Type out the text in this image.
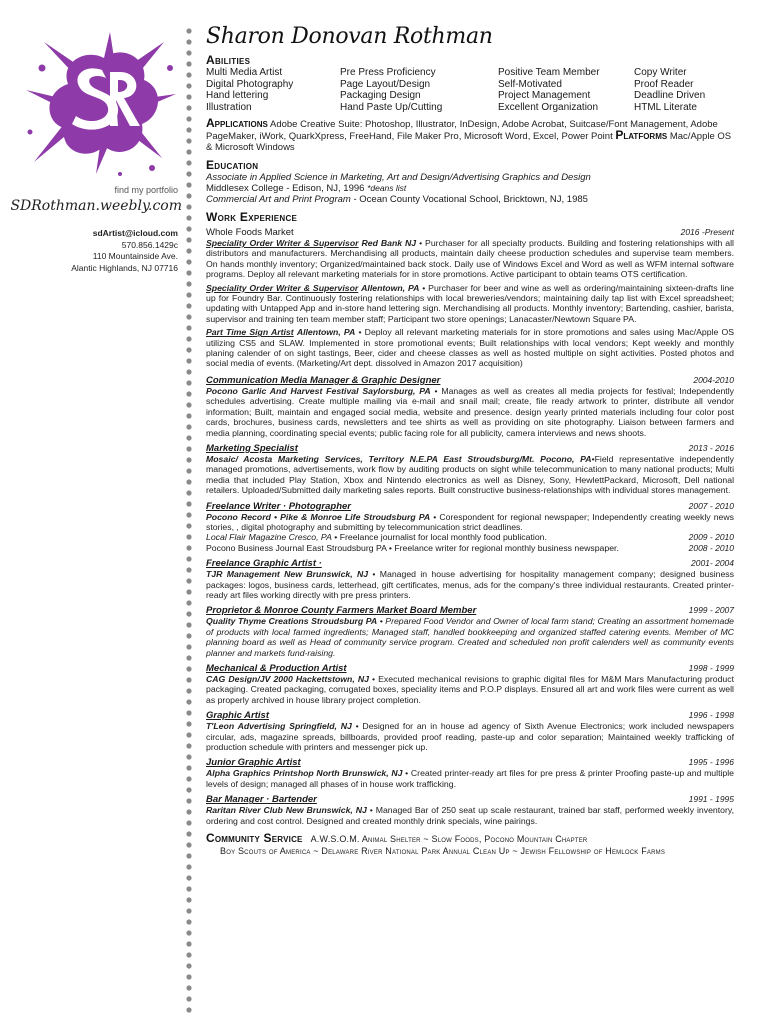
find my portfolio
SDRothman.weebly.com
sdArtist@icloud.com
570.856.1429c
110 Mountainside Ave.
Alantic Highlands, NJ 07716
Sharon Donovan Rothman
Abilities
Multi Media Artist	Pre Press Proficiency	Positive Team Member	Copy Writer
Digital Photography	Page Layout/Design	Self-Motivated	Proof Reader
Hand lettering	Packaging Design	Project Management	Deadline Driven
Illustration	Hand Paste Up/Cutting	Excellent Organization	HTML Literate
Applications Adobe Creative Suite: Photoshop, Illustrator, InDesign, Adobe Acrobat, Suitcase/Font Management, Adobe PageMaker, iWork, QuarkXpress, FreeHand, File Maker Pro, Microsoft Word, Excel, Power Point Platforms Mac/Apple OS & Microsoft Windows
Education
Associate in Applied Science in Marketing, Art and Design/Advertising Graphics and Design
Middlesex College - Edison, NJ, 1996 *deans list
Commercial Art and Print Program - Ocean County Vocational School, Bricktown, NJ, 1985
Work Experience
Whole Foods Market	2016 -Present
Speciality Order Writer & Supervisor Red Bank NJ • Purchaser for all specialty products. Building and fostering relationships with all distributors and manufacturers. Merchandising all products, maintain daily cheese production schedules and supervise team members. On hands monthly inventory; Organized/maintained back stock. Daily use of Windows Excel and Word as well as WFM internal software programs. Deploy all relevant marketing materials for in store promotions. Active participant to obtain teams OTS certification.
Speciality Order Writer & Supervisor Allentown, PA • Purchaser for beer and wine as well as ordering/maintaining sixteen-drafts line up for Foundry Bar. Continuously fostering relationships with local breweries/vendors; maintaining daily tap list with Excel spreadsheet; updating with Untapped App and in-store hand lettering sign. Merchandising all products. Monthly inventory; Bartending, cashier, barista, supervisor and training ten team member staff; Participant two store openings; Lanacaster/Newtown Square PA.
Part Time Sign Artist Allentown, PA • Deploy all relevant marketing materials for in store promotions and sales using Mac/Apple OS utilizing CS5 and SLAW. Implemented in store promotional events; Built relationships with local vendors; Kept weekly and monthly planing calender of on sight tastings, Beer, cider and cheese classes as well as hosted multiple on sight activities. Posted photos and social media of events. (Marketing/Art dept. dissolved in Amazon 2017 acquisition)
Communication Media Manager & Graphic Designer	2004-2010
Pocono Garlic And Harvest Festival Saylorsburg, PA • Manages as well as creates all media projects for festival; Independently schedules advertising. Create multiple mailing via e-mail and snail mail; create, file ready artwork to printer, distribute all vendor information; Built, maintain and engaged social media, website and presence. design yearly printed materials including four color post cards, brochures, business cards, newsletters and tee shirts as well as providing on site photography. Liaison between farmers and media planning, coordinating special events; public facing role for all publicity, camera interviews and news shoots.
Marketing Specialist	2013 - 2016
Mosaic/ Acosta Marketing Services, Territory N.E.PA East Stroudsburg/Mt. Pocono, PA•Field representative independently managed promotions, advertisements, work flow by auditing products on sight while telecommunication to many national products; Multi media that included Play Station, Xbox and Nintendo electronics as well as Disney, Sony, HewlettPackard, Microsoft, Dell national retailers. Uploaded/Submitted daily marketing sales reports. Built constructive business-relationships with individual stores management.
Freelance Writer · Photographer	2007 - 2010
Pocono Record • Pike & Monroe Life Stroudsburg PA • Corespondent for regional newspaper; Independently creating weekly news stories, , digital photography and submitting by telecommunication strict deadlines.
Local Flair Magazine Cresco, PA • Freelance journalist for local monthly food publication.	2009 - 2010
Pocono Business Journal East Stroudsburg PA • Freelance writer for regional monthly business newspaper.	2008 - 2010
Freelance Graphic Artist ·	2001- 2004
TJR Management New Brunswick, NJ • Managed in house advertising for hospitality management company; designed business packages: logos, business cards, letterhead, gift certificates, menus, ads for the company's three individual restaurants. Created printer-ready art files working directly with pre press printers.
Proprietor & Monroe County Farmers Market Board Member	1999 - 2007
Quality Thyme Creations Stroudsburg PA • Prepared Food Vendor and Owner of local farm stand; Creating an assortment homemade of products with local farmed ingredients; Managed staff, handled bookkeeping and organized staffed catering events. Member of MC planning board as well as Head of community service program. Created and scheduled non profit calenders well as community events planner and markets fund-raising.
Mechanical & Production Artist	1998 - 1999
CAG Design/JV 2000 Hackettstown, NJ • Executed mechanical revisions to graphic digital files for M&M Mars Manufacturing product packaging. Created packaging, corrugated boxes, speciality items and P.O.P displays. Ensured all art and work files were current as well as properly archived in house library project completion.
Graphic Artist	1996 - 1998
T'Leon Advertising Springfield, NJ • Designed for an in house ad agency of Sixth Avenue Electronics; work included newspapers circular, ads, magazine spreads, billboards, provided proof reading, paste-up and color separation; Maintained weekly trafficking of production schedule with printers and messenger pick up.
Junior Graphic Artist	1995 - 1996
Alpha Graphics Printshop North Brunswick, NJ • Created printer-ready art files for pre press & printer Proofing paste-up and multiple levels of design; managed all phases of in house work trafficking.
Bar Manager · Bartender	1991 - 1995
Raritan River Club New Brunswick, NJ • Managed Bar of 250 seat up scale restaurant, trained bar staff, performed weekly inventory, ordering and cost control. Designed and created monthly drink specials, wine pairings.
Community Service A.W.S.O.M. Animal Shelter ~ Slow Foods, Pocono Mountain Chapter
Boy Scouts of America ~ Delaware River National Park Annual Clean Up ~ Jewish Fellowship of Hemlock Farms
